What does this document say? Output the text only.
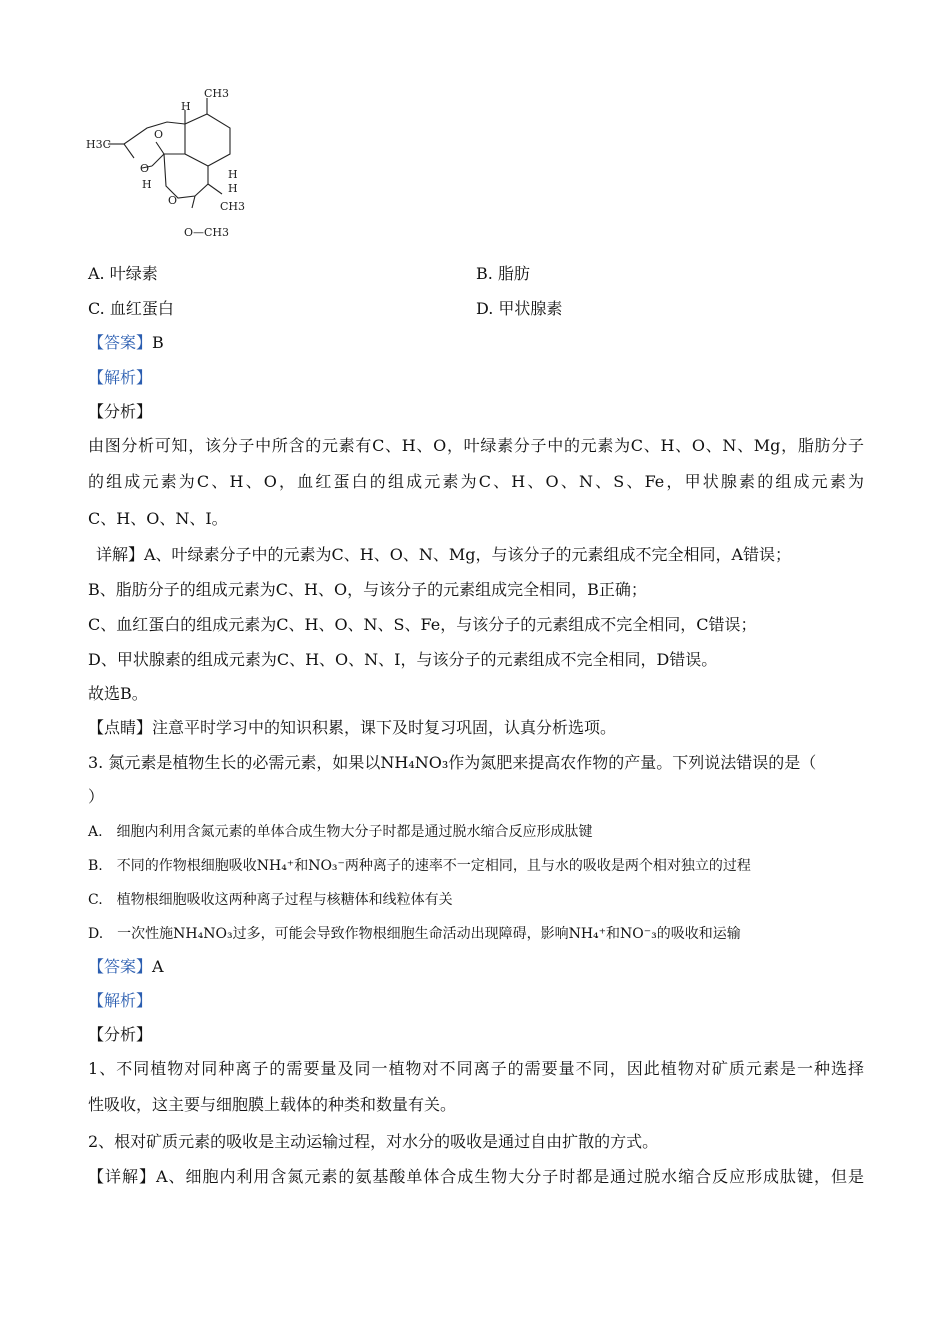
CH3
H3C
O
O
H
H
H
H
O	CH3
O—CH3
A. 叶绿素	B. 脂肪
C. 血红蛋白	D. 甲状腺素
【答案】B
【解析】
【分析】
由图分析可知，该分子中所含的元素有C、H、O，叶绿素分子中的元素为C、H、O、N、Mg，脂肪分子
的组成元素为C、H、O，血红蛋白的组成元素为C、H、O、N、S、Fe，甲状腺素的组成元素为
C、H、O、N、I。
详解】A、叶绿素分子中的元素为C、H、O、N、Mg，与该分子的元素组成不完全相同，A错误；
B、脂肪分子的组成元素为C、H、O，与该分子的元素组成完全相同，B正确；
C、血红蛋白的组成元素为C、H、O、N、S、Fe，与该分子的元素组成不完全相同，C错误；
D、甲状腺素的组成元素为C、H、O、N、I，与该分子的元素组成不完全相同，D错误。
故选B。
【点睛】注意平时学习中的知识积累，课下及时复习巩固，认真分析选项。
3. 氮元素是植物生长的必需元素，如果以NH₄NO₃作为氮肥来提高农作物的产量。下列说法错误的是（
）
A.　细胞内利用含氮元素的单体合成生物大分子时都是通过脱水缩合反应形成肽键
B.　不同的作物根细胞吸收NH₄⁺和NO₃⁻两种离子的速率不一定相同，且与水的吸收是两个相对独立的过程
C.　植物根细胞吸收这两种离子过程与核糖体和线粒体有关
D.　一次性施NH₄NO₃过多，可能会导致作物根细胞生命活动出现障碍，影响NH₄⁺和NO⁻₃的吸收和运输
【答案】A
【解析】
【分析】
1、不同植物对同种离子的需要量及同一植物对不同离子的需要量不同，因此植物对矿质元素是一种选择
性吸收，这主要与细胞膜上载体的种类和数量有关。
2、根对矿质元素的吸收是主动运输过程，对水分的吸收是通过自由扩散的方式。
【详解】A、细胞内利用含氮元素的氨基酸单体合成生物大分子时都是通过脱水缩合反应形成肽键，但是
